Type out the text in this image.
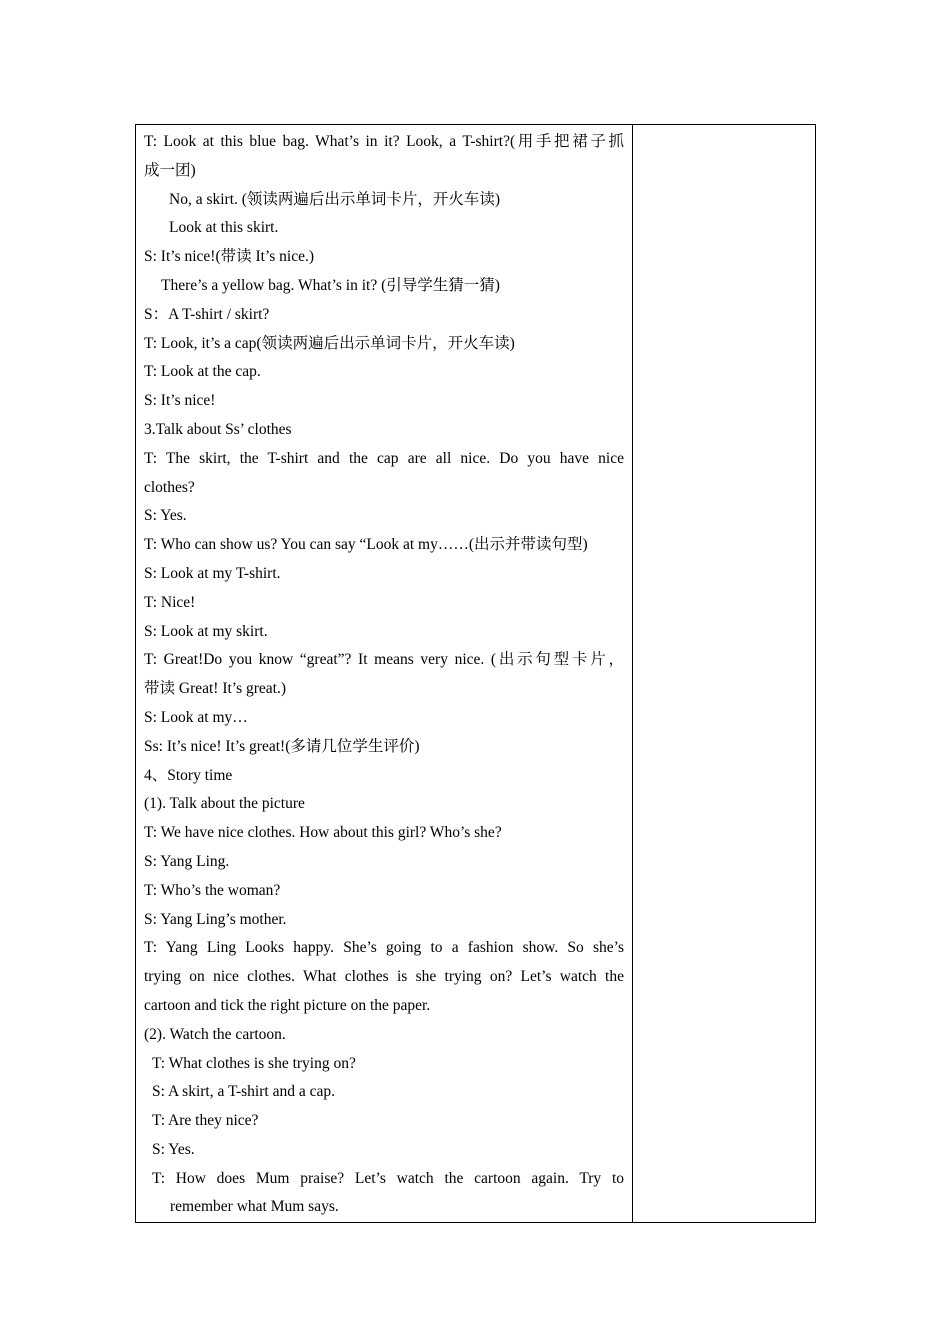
T: Look at this blue bag. What’s in it? Look, a T-shirt?(用手把裙子抓
成一团)
No, a skirt. (领读两遍后出示单词卡片，开火车读)
Look at this skirt.
S: It’s nice!(带读 It’s nice.)
There’s a yellow bag. What’s in it? (引导学生猜一猜)
S：A T-shirt / skirt?
T: Look, it’s a cap(领读两遍后出示单词卡片，开火车读)
T: Look at the cap.
S: It’s nice!
3.Talk about Ss’ clothes
T: The skirt, the T-shirt and the cap are all nice. Do you have nice
clothes?
S: Yes.
T: Who can show us? You can say “Look at my……(出示并带读句型)
S: Look at my T-shirt.
T: Nice!
S: Look at my skirt.
T: Great!Do you know “great”? It means very nice. (出示句型卡片，
带读 Great! It’s great.)
S: Look at my…
Ss: It’s nice! It’s great!(多请几位学生评价)
4、Story time
(1). Talk about the picture
T: We have nice clothes. How about this girl? Who’s she?
S: Yang Ling.
T: Who’s the woman?
S: Yang Ling’s mother.
T: Yang Ling Looks happy. She’s going to a fashion show. So she’s
trying on nice clothes. What clothes is she trying on? Let’s watch the
cartoon and tick the right picture on the paper.
(2). Watch the cartoon.
T: What clothes is she trying on?
S: A skirt, a T-shirt and a cap.
T: Are they nice?
S: Yes.
T: How does Mum praise? Let’s watch the cartoon again. Try to
remember what Mum says.
